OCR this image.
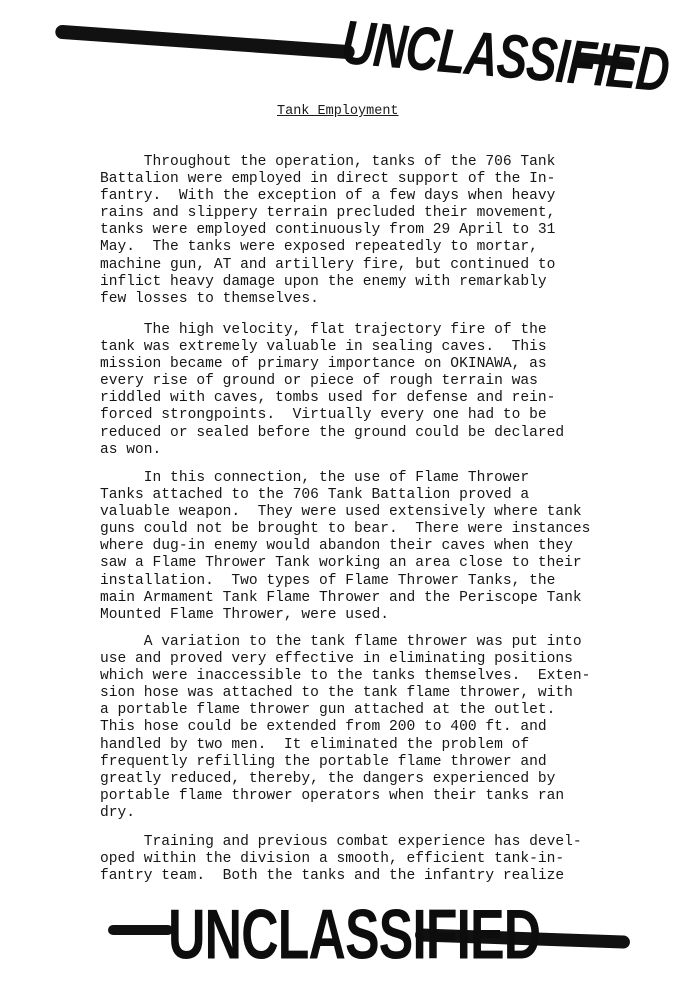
UNCLASSIFIED
Tank Employment

Throughout the operation, tanks of the 706 Tank
Battalion were employed in direct support of the In-
fantry.  With the exception of a few days when heavy
rains and slippery terrain precluded their movement,
tanks were employed continuously from 29 April to 31
May.  The tanks were exposed repeatedly to mortar,
machine gun, AT and artillery fire, but continued to
inflict heavy damage upon the enemy with remarkably
few losses to themselves.

The high velocity, flat trajectory fire of the
tank was extremely valuable in sealing caves.  This
mission became of primary importance on OKINAWA, as
every rise of ground or piece of rough terrain was
riddled with caves, tombs used for defense and rein-
forced strongpoints.  Virtually every one had to be
reduced or sealed before the ground could be declared
as won.

In this connection, the use of Flame Thrower
Tanks attached to the 706 Tank Battalion proved a
valuable weapon.  They were used extensively where tank
guns could not be brought to bear.  There were instances
where dug-in enemy would abandon their caves when they
saw a Flame Thrower Tank working an area close to their
installation.  Two types of Flame Thrower Tanks, the
main Armament Tank Flame Thrower and the Periscope Tank
Mounted Flame Thrower, were used.

A variation to the tank flame thrower was put into
use and proved very effective in eliminating positions
which were inaccessible to the tanks themselves.  Exten-
sion hose was attached to the tank flame thrower, with
a portable flame thrower gun attached at the outlet.
This hose could be extended from 200 to 400 ft. and
handled by two men.  It eliminated the problem of
frequently refilling the portable flame thrower and
greatly reduced, thereby, the dangers experienced by
portable flame thrower operators when their tanks ran
dry.

Training and previous combat experience has devel-
oped within the division a smooth, efficient tank-in-
fantry team.  Both the tanks and the infantry realize

UNCLASSIFIED
